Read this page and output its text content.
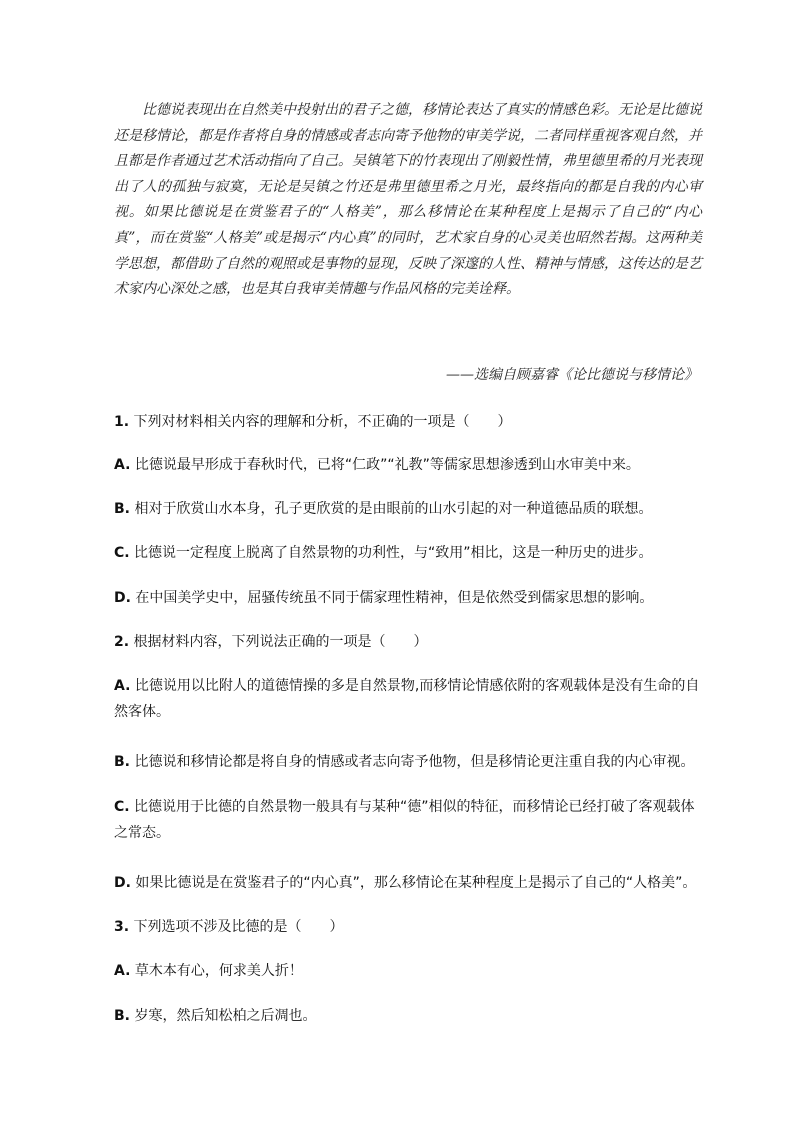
比德说表现出在自然美中投射出的君子之德，移情论表达了真实的情感色彩。无论是比德说还是移情论，都是作者将自身的情感或者志向寄予他物的审美学说，二者同样重视客观自然，并且都是作者通过艺术活动指向了自己。吴镇笔下的竹表现出了刚毅性情，弗里德里希的月光表现出了人的孤独与寂寞，无论是吴镇之竹还是弗里德里希之月光，最终指向的都是自我的内心审视。如果比德说是在赏鉴君子的“人格美”，那么移情论在某种程度上是揭示了自己的“内心真”，而在赏鉴“人格美”或是揭示“内心真”的同时，艺术家自身的心灵美也昭然若揭。这两种美学思想，都借助了自然的观照或是事物的显现，反映了深邃的人性、精神与情感，这传达的是艺术家内心深处之感，也是其自我审美情趣与作品风格的完美诠释。

——选编自顾嘉睿《论比德说与移情论》
1. 下列对材料相关内容的理解和分析，不正确的一项是（　　）
A. 比德说最早形成于春秋时代，已将“仁政”“礼教”等儒家思想渗透到山水审美中来。
B. 相对于欣赏山水本身，孔子更欣赏的是由眼前的山水引起的对一种道德品质的联想。
C. 比德说一定程度上脱离了自然景物的功利性，与“致用”相比，这是一种历史的进步。
D. 在中国美学史中，屈骚传统虽不同于儒家理性精神，但是依然受到儒家思想的影响。
2. 根据材料内容，下列说法正确的一项是（　　）
A. 比德说用以比附人的道德情操的多是自然景物,而移情论情感依附的客观载体是没有生命的自然客体。
B. 比德说和移情论都是将自身的情感或者志向寄予他物，但是移情论更注重自我的内心审视。
C. 比德说用于比德的自然景物一般具有与某种“德”相似的特征，而移情论已经打破了客观载体之常态。
D. 如果比德说是在赏鉴君子的“内心真”，那么移情论在某种程度上是揭示了自己的“人格美”。
3. 下列选项不涉及比德的是（　　）
A. 草木本有心，何求美人折！
B. 岁寒，然后知松柏之后凋也。
